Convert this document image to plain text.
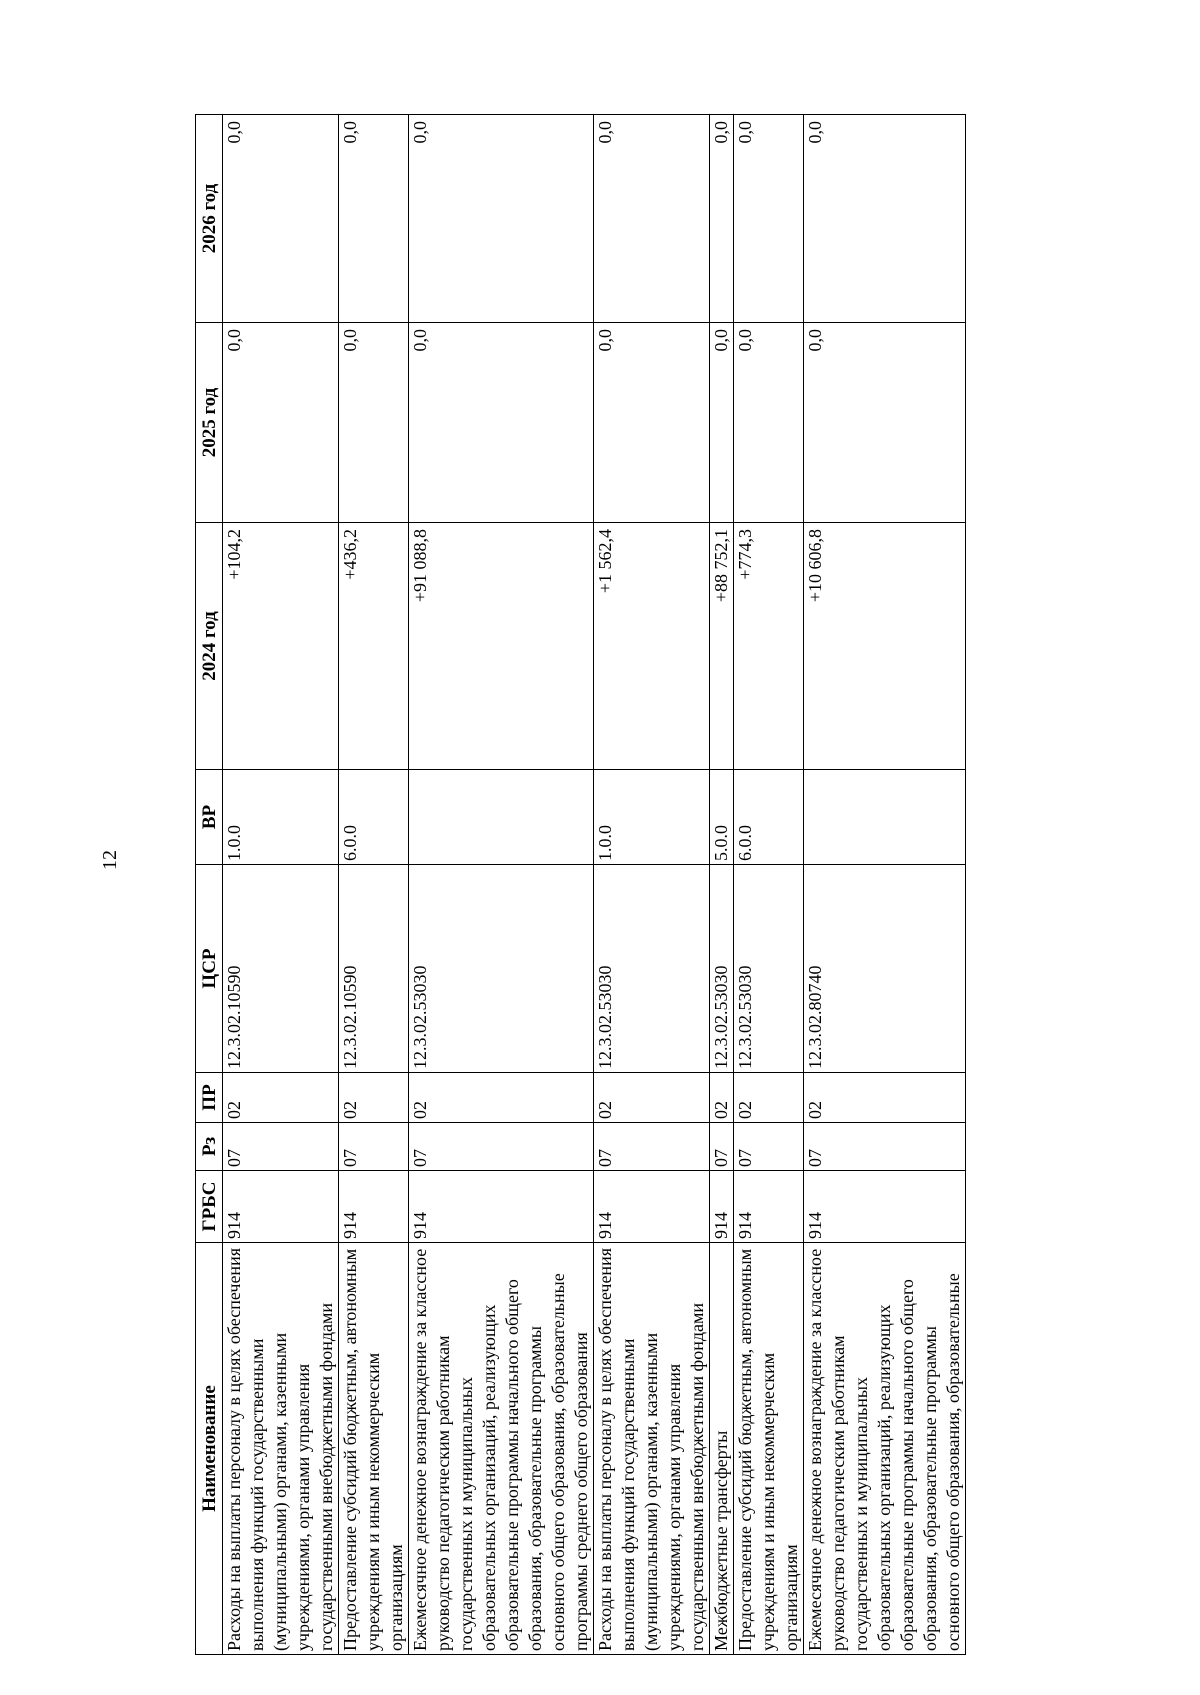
12
Наименование	ГРБС	Рз	ПР	ЦСР	ВР	2024 год	2025 год	2026 год
Расходы на выплаты персоналу в целях обеспечения выполнения функций государственными (муниципальными) органами, казенными учреждениями, органами управления государственными внебюджетными фондами	914	07	02	12.3.02.10590	1.0.0	+104,2	0,0	0,0
Предоставление субсидий бюджетным, автономным учреждениям и иным некоммерческим организациям	914	07	02	12.3.02.10590	6.0.0	+436,2	0,0	0,0
Ежемесячное денежное вознаграждение за классное руководство педагогическим работникам государственных и муниципальных образовательных организаций, реализующих образовательные программы начального общего образования, образовательные программы основного общего образования, образовательные программы среднего общего образования	914	07	02	12.3.02.53030		+91 088,8	0,0	0,0
Расходы на выплаты персоналу в целях обеспечения выполнения функций государственными (муниципальными) органами, казенными учреждениями, органами управления государственными внебюджетными фондами	914	07	02	12.3.02.53030	1.0.0	+1 562,4	0,0	0,0
Межбюджетные трансферты	914	07	02	12.3.02.53030	5.0.0	+88 752,1	0,0	0,0
Предоставление субсидий бюджетным, автономным учреждениям и иным некоммерческим организациям	914	07	02	12.3.02.53030	6.0.0	+774,3	0,0	0,0
Ежемесячное денежное вознаграждение за классное руководство педагогическим работникам государственных и муниципальных образовательных организаций, реализующих образовательные программы начального общего образования, образовательные программы основного общего образования, образовательные	914	07	02	12.3.02.80740		+10 606,8	0,0	0,0
